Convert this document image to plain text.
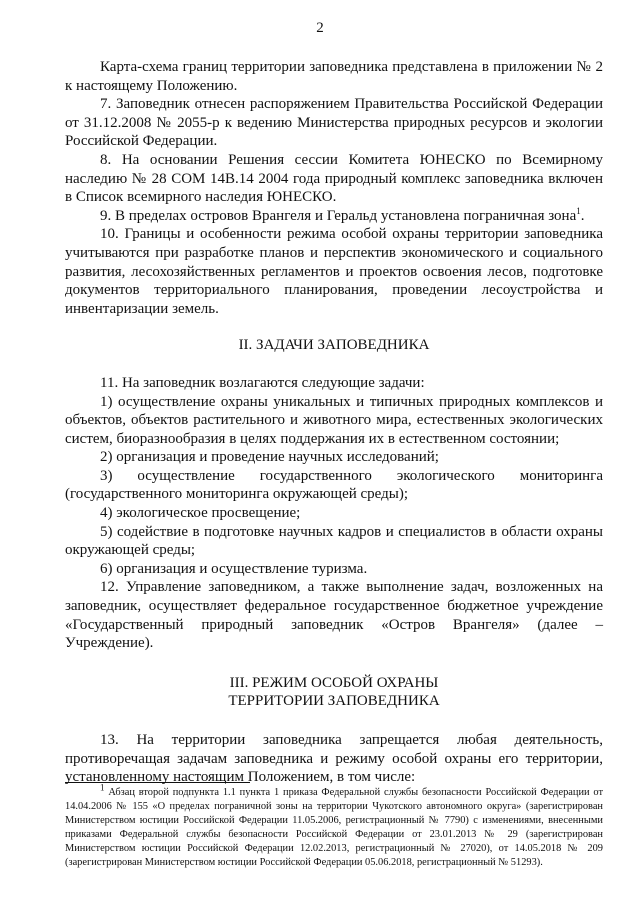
2

Карта-схема границ территории заповедника представлена в приложении № 2 к настоящему Положению.

7. Заповедник отнесен распоряжением Правительства Российской Федерации от 31.12.2008 № 2055-р к ведению Министерства природных ресурсов и экологии Российской Федерации.

8. На основании Решения сессии Комитета ЮНЕСКО по Всемирному наследию № 28 COM 14B.14 2004 года природный комплекс заповедника включен в Список всемирного наследия ЮНЕСКО.

9. В пределах островов Врангеля и Геральд установлена пограничная зона$^1$.

10. Границы и особенности режима особой охраны территории заповедника учитываются при разработке планов и перспектив экономического и социального развития, лесохозяйственных регламентов и проектов освоения лесов, подготовке документов территориального планирования, проведении лесоустройства и инвентаризации земель.

II. ЗАДАЧИ ЗАПОВЕДНИКА

11. На заповедник возлагаются следующие задачи:

1) осуществление охраны уникальных и типичных природных комплексов и объектов, объектов растительного и животного мира, естественных экологических систем, биоразнообразия в целях поддержания их в естественном состоянии;

2) организация и проведение научных исследований;

3) осуществление государственного экологического мониторинга (государственного мониторинга окружающей среды);

4) экологическое просвещение;

5) содействие в подготовке научных кадров и специалистов в области охраны окружающей среды;

6) организация и осуществление туризма.

12. Управление заповедником, а также выполнение задач, возложенных на заповедник, осуществляет федеральное государственное бюджетное учреждение «Государственный природный заповедник «Остров Врангеля» (далее – Учреждение).

III. РЕЖИМ ОСОБОЙ ОХРАНЫ

ТЕРРИТОРИИ ЗАПОВЕДНИКА

13. На территории заповедника запрещается любая деятельность, противоречащая задачам заповедника и режиму особой охраны его территории, установленному настоящим Положением, в том числе:

$^1$ Абзац второй подпункта 1.1 пункта 1 приказа Федеральной службы безопасности Российской Федерации от 14.04.2006 № 155 «О пределах пограничной зоны на территории Чукотского автономного округа» (зарегистрирован Министерством юстиции Российской Федерации 11.05.2006, регистрационный № 7790) с изменениями, внесенными приказами Федеральной службы безопасности Российской Федерации от 23.01.2013 № 29 (зарегистрирован Министерством юстиции Российской Федерации 12.02.2013, регистрационный № 27020), от 14.05.2018 № 209 (зарегистрирован Министерством юстиции Российской Федерации 05.06.2018, регистрационный № 51293).
